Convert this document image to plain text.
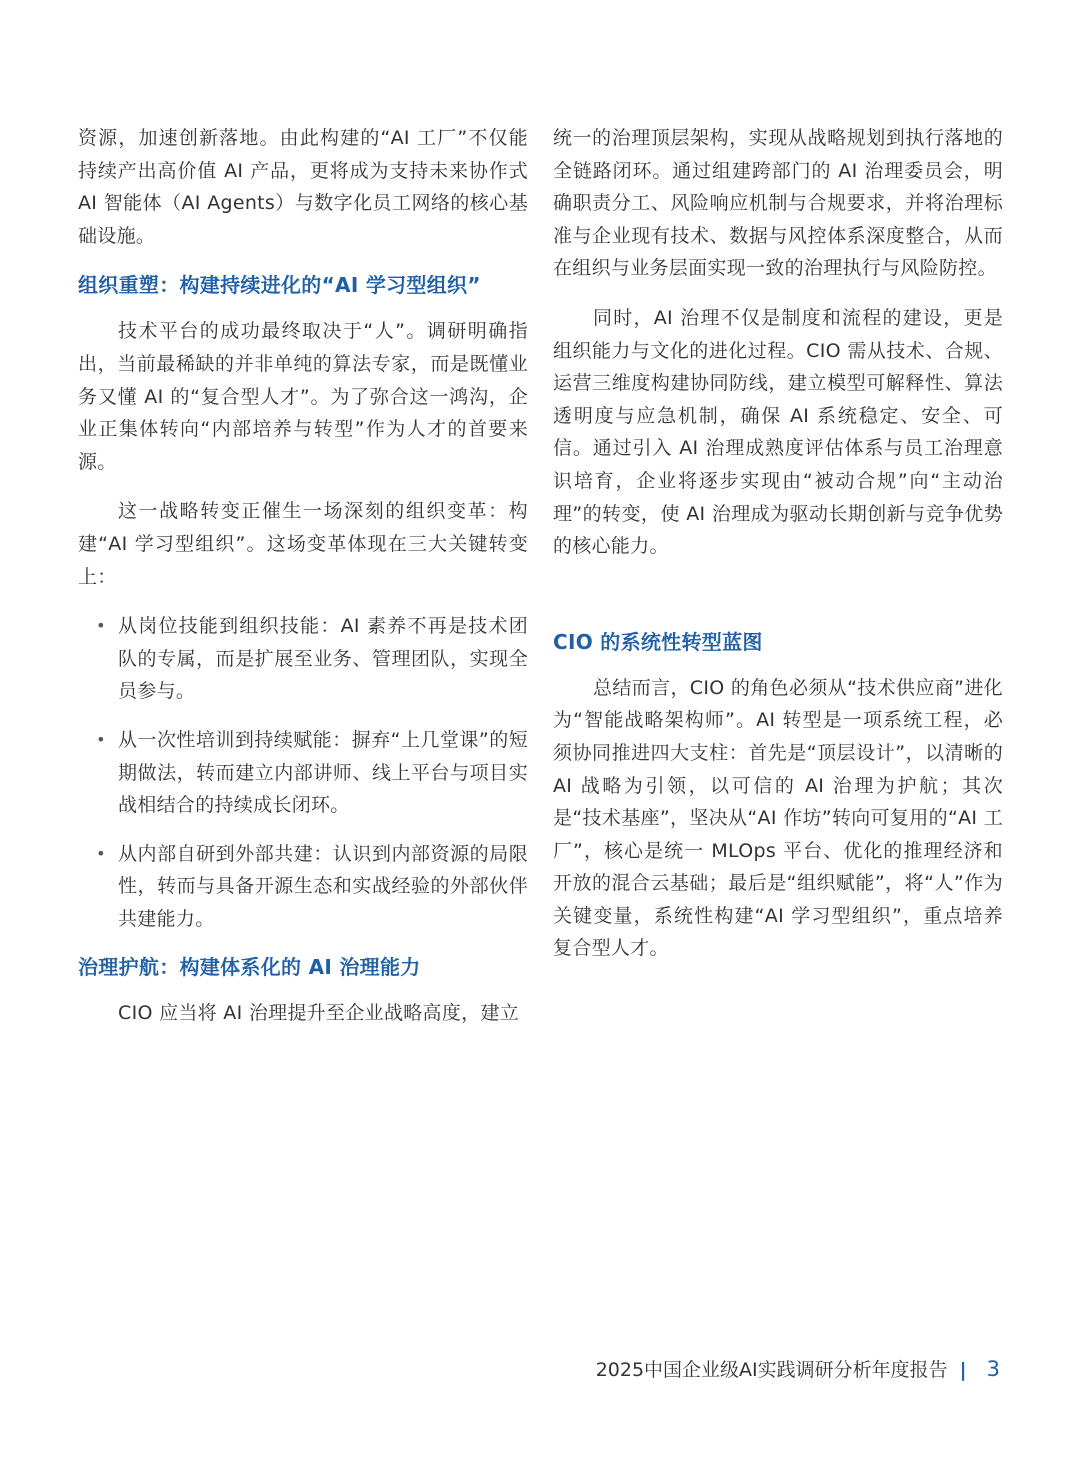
资源，加速创新落地。由此构建的“AI 工厂”不仅能持续产出高价值 AI 产品，更将成为支持未来协作式 AI 智能体（AI Agents）与数字化员工网络的核心基础设施。

组织重塑：构建持续进化的“AI 学习型组织”

技术平台的成功最终取决于“人”。调研明确指出，当前最稀缺的并非单纯的算法专家，而是既懂业务又懂 AI 的“复合型人才”。为了弥合这一鸿沟，企业正集体转向“内部培养与转型”作为人才的首要来源。

这一战略转变正催生一场深刻的组织变革：构建“AI 学习型组织”。这场变革体现在三大关键转变上：

• 从岗位技能到组织技能：AI 素养不再是技术团队的专属，而是扩展至业务、管理团队，实现全员参与。
• 从一次性培训到持续赋能：摒弃“上几堂课”的短期做法，转而建立内部讲师、线上平台与项目实战相结合的持续成长闭环。
• 从内部自研到外部共建：认识到内部资源的局限性，转而与具备开源生态和实战经验的外部伙伴共建能力。
治理护航：构建体系化的 AI 治理能力

CIO 应当将 AI 治理提升至企业战略高度，建立

统一的治理顶层架构，实现从战略规划到执行落地的全链路闭环。通过组建跨部门的 AI 治理委员会，明确职责分工、风险响应机制与合规要求，并将治理标准与企业现有技术、数据与风控体系深度整合，从而在组织与业务层面实现一致的治理执行与风险防控。

同时，AI 治理不仅是制度和流程的建设，更是组织能力与文化的进化过程。CIO 需从技术、合规、运营三维度构建协同防线，建立模型可解释性、算法透明度与应急机制，确保 AI 系统稳定、安全、可信。通过引入 AI 治理成熟度评估体系与员工治理意识培育，企业将逐步实现由“被动合规”向“主动治理”的转变，使 AI 治理成为驱动长期创新与竞争优势的核心能力。

CIO 的系统性转型蓝图

总结而言，CIO 的角色必须从“技术供应商”进化为“智能战略架构师”。AI 转型是一项系统工程，必须协同推进四大支柱：首先是“顶层设计”，以清晰的 AI 战略为引领，以可信的 AI 治理为护航；其次是“技术基座”，坚决从“AI 作坊”转向可复用的“AI 工厂”，核心是统一 MLOps 平台、优化的推理经济和开放的混合云基础；最后是“组织赋能”，将“人”作为关键变量，系统性构建“AI 学习型组织”，重点培养复合型人才。

2025中国企业级AI实践调研分析年度报告 | 3
